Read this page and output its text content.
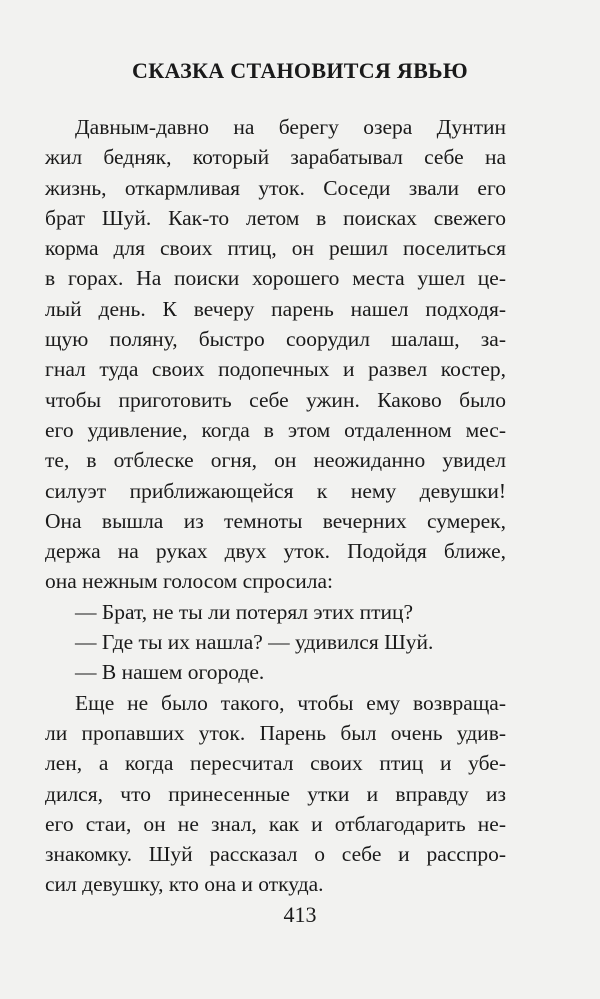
СКАЗКА СТАНОВИТСЯ ЯВЬЮ
Давным-давно на берегу озера Дунтин
жил бедняк, который зарабатывал себе на
жизнь, откармливая уток. Соседи звали его
брат Шуй. Как-то летом в поисках свежего
корма для своих птиц, он решил поселиться
в горах. На поиски хорошего места ушел це-
лый день. К вечеру парень нашел подходя-
щую поляну, быстро соорудил шалаш, за-
гнал туда своих подопечных и развел костер,
чтобы приготовить себе ужин. Каково было
его удивление, когда в этом отдаленном мес-
те, в отблеске огня, он неожиданно увидел
силуэт приближающейся к нему девушки!
Она вышла из темноты вечерних сумерек,
держа на руках двух уток. Подойдя ближе,
она нежным голосом спросила:
— Брат, не ты ли потерял этих птиц?
— Где ты их нашла? — удивился Шуй.
— В нашем огороде.
Еще не было такого, чтобы ему возвраща-
ли пропавших уток. Парень был очень удив-
лен, а когда пересчитал своих птиц и убе-
дился, что принесенные утки и вправду из
его стаи, он не знал, как и отблагодарить не-
знакомку. Шуй рассказал о себе и расспро-
сил девушку, кто она и откуда.
413
